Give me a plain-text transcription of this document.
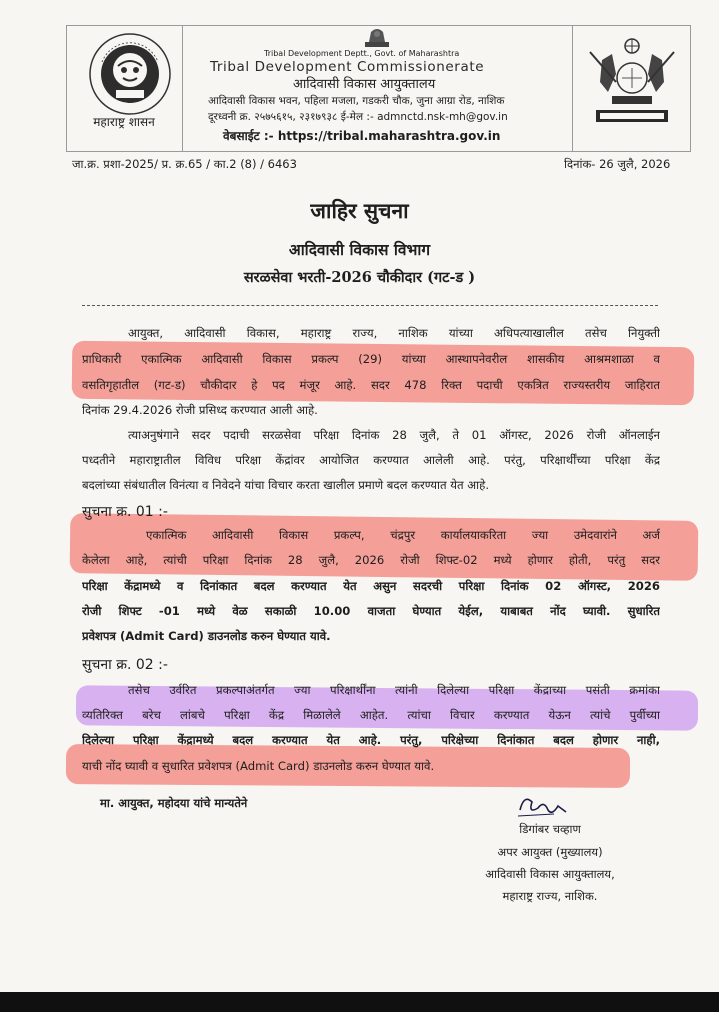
महाराष्ट्र शासन
Tribal Development Deptt., Govt. of Maharashtra
Tribal Development Commissionerate
आदिवासी विकास आयुक्तालय
आदिवासी विकास भवन, पहिला मजला, गडकरी चौक, जुना आग्रा रोड, नाशिक
दूरध्वनी क्र. २५७५६१५, २३१७९३८ ई-मेल :- admnctd.nsk-mh@gov.in
वेबसाईट :- https://tribal.maharashtra.gov.in
जा.क्र. प्रशा-2025/ प्र. क्र.65 / का.2 (8) / 6463	दिनांक- 26 जुलै, 2026
जाहिर सुचना
आदिवासी विकास विभाग
सरळसेवा भरती-2026 चौकीदार (गट-ड )
आयुक्त, आदिवासी विकास, महाराष्ट्र राज्य, नाशिक यांच्या अधिपत्याखालील तसेच नियुक्ती
प्राधिकारी एकात्मिक आदिवासी विकास प्रकल्प (29) यांच्या आस्थापनेवरील शासकीय आश्रमशाळा व
वसतिगृहातील (गट-ड) चौकीदार हे पद मंजूर आहे. सदर 478 रिक्त पदाची एकत्रित राज्यस्तरीय जाहिरात
दिनांक 29.4.2026 रोजी प्रसिध्द करण्यात आली आहे.
त्याअनुषंगाने सदर पदाची सरळसेवा परिक्षा दिनांक 28 जुलै, ते 01 ऑगस्ट, 2026 रोजी ऑनलाईन
पध्दतीने महाराष्ट्रातील विविध परिक्षा केंद्रांवर आयोजित करण्यात आलेली आहे. परंतु, परिक्षार्थींच्या परिक्षा केंद्र
बदलांच्या संबंधातील विनंत्या व निवेदने यांचा विचार करता खालील प्रमाणे बदल करण्यात येत आहे.
सुचना क्र. 01 :-
एकात्मिक आदिवासी विकास प्रकल्प, चंद्रपुर कार्यालयाकरिता ज्या उमेदवारांने अर्ज
केलेला आहे, त्यांची परिक्षा दिनांक 28 जुलै, 2026 रोजी शिफ्ट-02 मध्ये होणार होती, परंतु सदर
परिक्षा केंद्रामध्ये व दिनांकात बदल करण्यात येत असुन सदरची परिक्षा दिनांक 02 ऑगस्ट, 2026
रोजी शिफ्ट -01 मध्ये वेळ सकाळी 10.00 वाजता घेण्यात येईल, याबाबत नोंद घ्यावी. सुधारित
प्रवेशपत्र (Admit Card) डाउनलोड करुन घेण्यात यावे.
सुचना क्र. 02 :-
तसेच उर्वरित प्रकल्पाअंतर्गत ज्या परिक्षार्थींना त्यांनी दिलेल्या परिक्षा केंद्राच्या पसंती क्रमांका
व्यतिरिक्त बरेच लांबचे परिक्षा केंद्र मिळालेले आहेत. त्यांचा विचार करण्यात येऊन त्यांचे पुर्वीच्या
दिलेल्या परिक्षा केंद्रामध्ये बदल करण्यात येत आहे. परंतु, परिक्षेच्या दिनांकात बदल होणार नाही,
याची नोंद घ्यावी व सुधारित प्रवेशपत्र (Admit Card) डाउनलोड करुन घेण्यात यावे.
मा. आयुक्त, महोदया यांचे मान्यतेने
डिगांबर चव्हाण
अपर आयुक्त (मुख्यालय)
आदिवासी विकास आयुक्तालय,
महाराष्ट्र राज्य, नाशिक.
